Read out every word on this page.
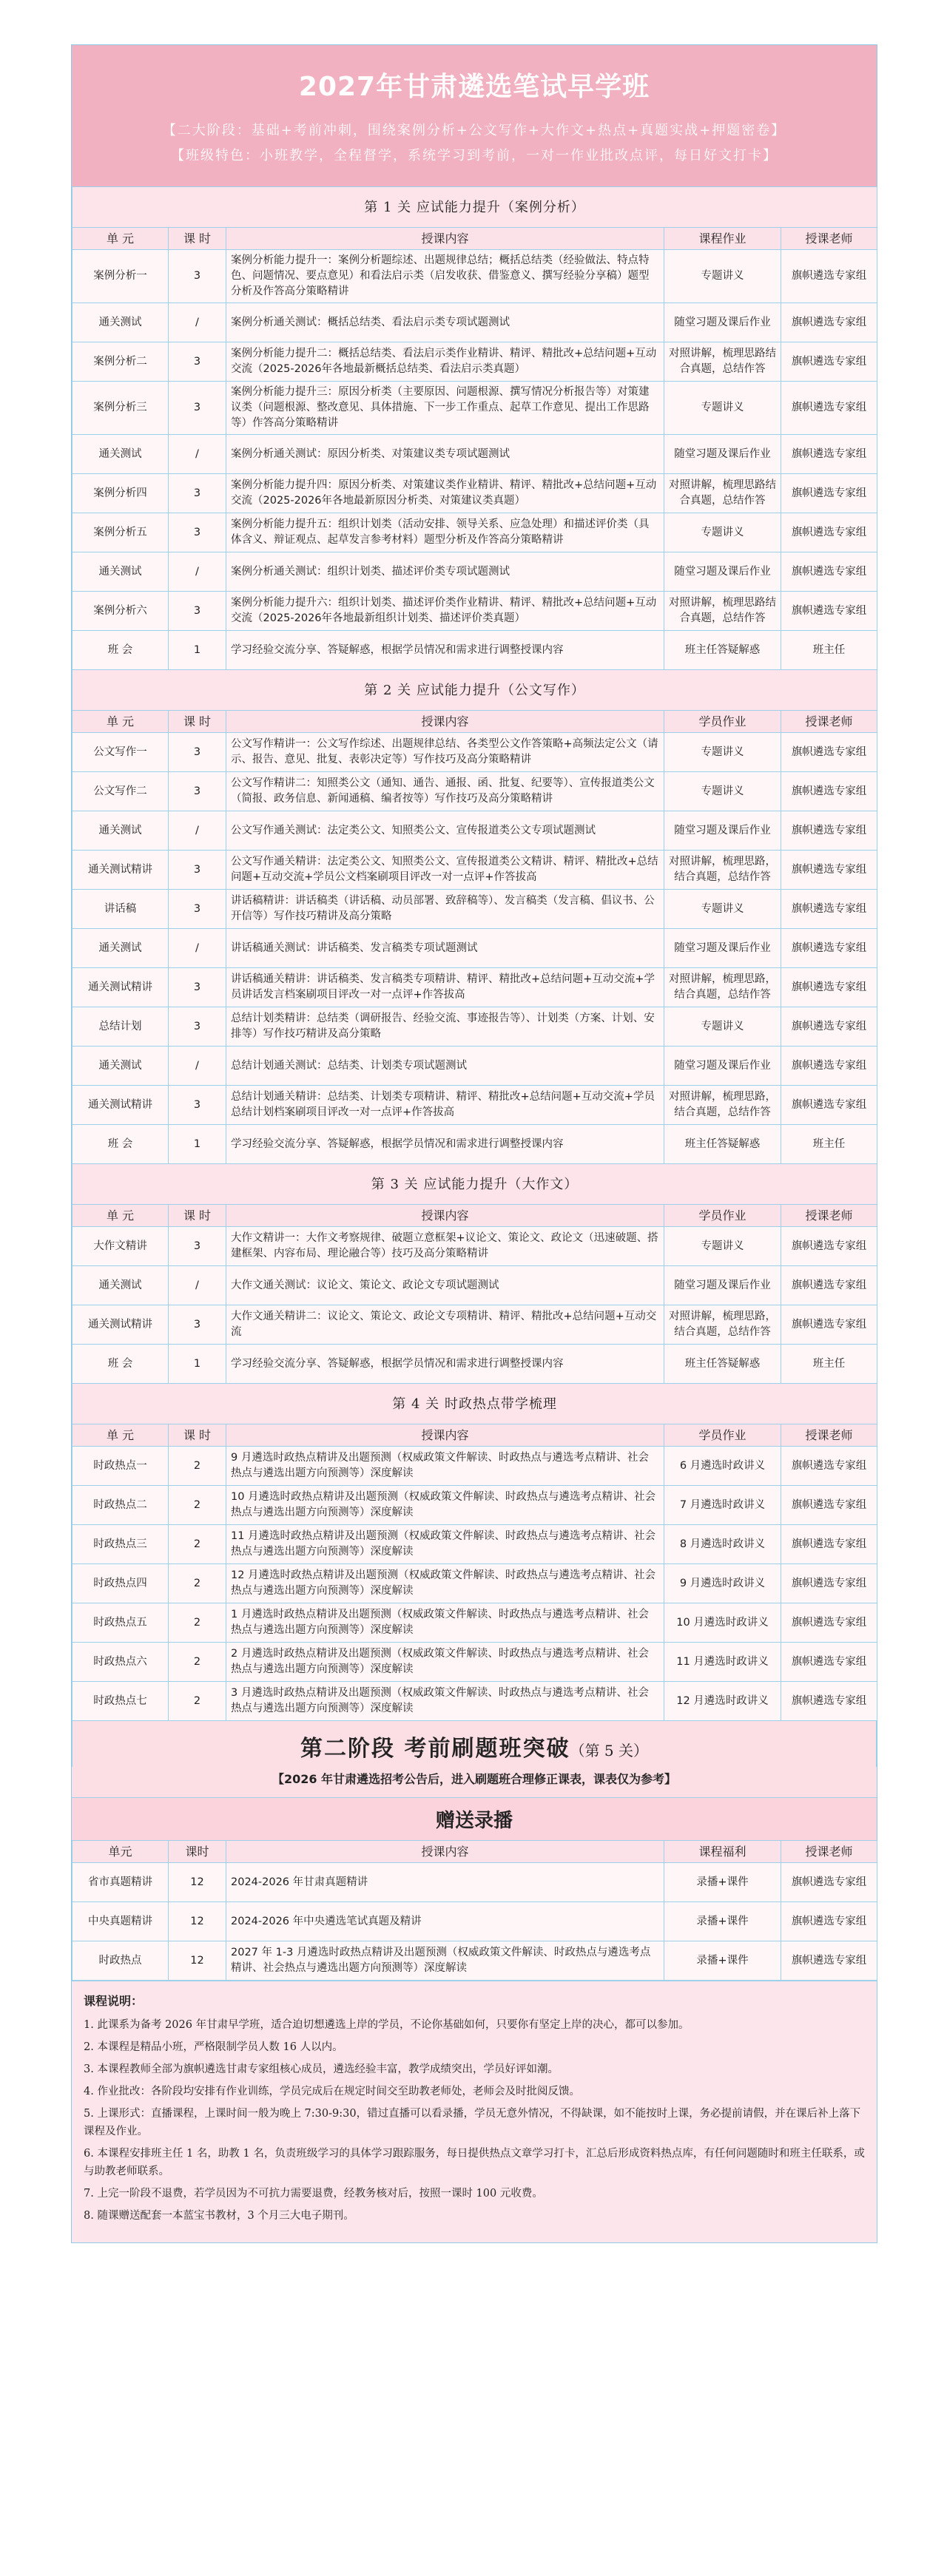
2027年甘肃遴选笔试早学班

【二大阶段：基础+考前冲刺，围绕案例分析+公文写作+大作文+热点+真题实战+押题密卷】

【班级特色：小班教学，全程督学，系统学习到考前，一对一作业批改点评，每日好文打卡】

第 1 关 应试能力提升（案例分析）				
单 元	课 时	授课内容	课程作业	授课老师
案例分析一	3	案例分析能力提升一：案例分析题综述、出题规律总结；概括总结类（经验做法、特点特色、问题情况、要点意见）和看法启示类（启发收获、借鉴意义、撰写经验分享稿）题型分析及作答高分策略精讲	专题讲义	旗帜遴选专家组
通关测试	/	案例分析通关测试：概括总结类、看法启示类专项试题测试	随堂习题及课后作业	旗帜遴选专家组
案例分析二	3	案例分析能力提升二：概括总结类、看法启示类作业精讲、精评、精批改+总结问题+互动交流（2025-2026年各地最新概括总结类、看法启示类真题）	对照讲解，梳理思路结合真题，总结作答	旗帜遴选专家组
案例分析三	3	案例分析能力提升三：原因分析类（主要原因、问题根源、撰写情况分析报告等）对策建议类（问题根源、整改意见、具体措施、下一步工作重点、起草工作意见、提出工作思路等）作答高分策略精讲	专题讲义	旗帜遴选专家组
通关测试	/	案例分析通关测试：原因分析类、对策建议类专项试题测试	随堂习题及课后作业	旗帜遴选专家组
案例分析四	3	案例分析能力提升四：原因分析类、对策建议类作业精讲、精评、精批改+总结问题+互动交流（2025-2026年各地最新原因分析类、对策建议类真题）	对照讲解，梳理思路结合真题，总结作答	旗帜遴选专家组
案例分析五	3	案例分析能力提升五：组织计划类（活动安排、领导关系、应急处理）和描述评价类（具体含义、辩证观点、起草发言参考材料）题型分析及作答高分策略精讲	专题讲义	旗帜遴选专家组
通关测试	/	案例分析通关测试：组织计划类、描述评价类专项试题测试	随堂习题及课后作业	旗帜遴选专家组
案例分析六	3	案例分析能力提升六：组织计划类、描述评价类作业精讲、精评、精批改+总结问题+互动交流（2025-2026年各地最新组织计划类、描述评价类真题）	对照讲解，梳理思路结合真题，总结作答	旗帜遴选专家组
班 会	1	学习经验交流分享、答疑解惑，根据学员情况和需求进行调整授课内容	班主任答疑解惑	班主任
第 2 关 应试能力提升（公文写作）				
单 元	课 时	授课内容	学员作业	授课老师
公文写作一	3	公文写作精讲一：公文写作综述、出题规律总结、各类型公文作答策略+高频法定公文（请示、报告、意见、批复、表彰决定等）写作技巧及高分策略精讲	专题讲义	旗帜遴选专家组
公文写作二	3	公文写作精讲二：知照类公文（通知、通告、通报、函、批复、纪要等）、宣传报道类公文（简报、政务信息、新闻通稿、编者按等）写作技巧及高分策略精讲	专题讲义	旗帜遴选专家组
通关测试	/	公文写作通关测试：法定类公文、知照类公文、宣传报道类公文专项试题测试	随堂习题及课后作业	旗帜遴选专家组
通关测试精讲	3	公文写作通关精讲：法定类公文、知照类公文、宣传报道类公文精讲、精评、精批改+总结问题+互动交流+学员公文档案刷项目评改一对一点评+作答拔高	对照讲解，梳理思路，结合真题，总结作答	旗帜遴选专家组
讲话稿	3	讲话稿精讲：讲话稿类（讲话稿、动员部署、致辞稿等）、发言稿类（发言稿、倡议书、公开信等）写作技巧精讲及高分策略	专题讲义	旗帜遴选专家组
通关测试	/	讲话稿通关测试：讲话稿类、发言稿类专项试题测试	随堂习题及课后作业	旗帜遴选专家组
通关测试精讲	3	讲话稿通关精讲：讲话稿类、发言稿类专项精讲、精评、精批改+总结问题+互动交流+学员讲话发言档案刷项目评改一对一点评+作答拔高	对照讲解，梳理思路，结合真题，总结作答	旗帜遴选专家组
总结计划	3	总结计划类精讲：总结类（调研报告、经验交流、事迹报告等）、计划类（方案、计划、安排等）写作技巧精讲及高分策略	专题讲义	旗帜遴选专家组
通关测试	/	总结计划通关测试：总结类、计划类专项试题测试	随堂习题及课后作业	旗帜遴选专家组
通关测试精讲	3	总结计划通关精讲：总结类、计划类专项精讲、精评、精批改+总结问题+互动交流+学员总结计划档案刷项目评改一对一点评+作答拔高	对照讲解，梳理思路，结合真题，总结作答	旗帜遴选专家组
班 会	1	学习经验交流分享、答疑解惑，根据学员情况和需求进行调整授课内容	班主任答疑解惑	班主任
第 3 关 应试能力提升（大作文）				
单 元	课 时	授课内容	学员作业	授课老师
大作文精讲	3	大作文精讲一：大作文考察规律、破题立意框架+议论文、策论文、政论文（迅速破题、搭建框架、内容布局、理论融合等）技巧及高分策略精讲	专题讲义	旗帜遴选专家组
通关测试	/	大作文通关测试：议论文、策论文、政论文专项试题测试	随堂习题及课后作业	旗帜遴选专家组
通关测试精讲	3	大作文通关精讲二：议论文、策论文、政论文专项精讲、精评、精批改+总结问题+互动交流	对照讲解，梳理思路，结合真题，总结作答	旗帜遴选专家组
班 会	1	学习经验交流分享、答疑解惑，根据学员情况和需求进行调整授课内容	班主任答疑解惑	班主任
第 4 关 时政热点带学梳理				
单 元	课 时	授课内容	学员作业	授课老师
时政热点一	2	9 月遴选时政热点精讲及出题预测（权威政策文件解读、时政热点与遴选考点精讲、社会热点与遴选出题方向预测等）深度解读	6 月遴选时政讲义	旗帜遴选专家组
时政热点二	2	10 月遴选时政热点精讲及出题预测（权威政策文件解读、时政热点与遴选考点精讲、社会热点与遴选出题方向预测等）深度解读	7 月遴选时政讲义	旗帜遴选专家组
时政热点三	2	11 月遴选时政热点精讲及出题预测（权威政策文件解读、时政热点与遴选考点精讲、社会热点与遴选出题方向预测等）深度解读	8 月遴选时政讲义	旗帜遴选专家组
时政热点四	2	12 月遴选时政热点精讲及出题预测（权威政策文件解读、时政热点与遴选考点精讲、社会热点与遴选出题方向预测等）深度解读	9 月遴选时政讲义	旗帜遴选专家组
时政热点五	2	1 月遴选时政热点精讲及出题预测（权威政策文件解读、时政热点与遴选考点精讲、社会热点与遴选出题方向预测等）深度解读	10 月遴选时政讲义	旗帜遴选专家组
时政热点六	2	2 月遴选时政热点精讲及出题预测（权威政策文件解读、时政热点与遴选考点精讲、社会热点与遴选出题方向预测等）深度解读	11 月遴选时政讲义	旗帜遴选专家组
时政热点七	2	3 月遴选时政热点精讲及出题预测（权威政策文件解读、时政热点与遴选考点精讲、社会热点与遴选出题方向预测等）深度解读	12 月遴选时政讲义	旗帜遴选专家组
第二阶段 考前刷题班突破（第 5 关）
【2026 年甘肃遴选招考公告后，进入刷题班合理修正课表，课表仅为参考】
赠送录播
单元	课时	授课内容	课程福利	授课老师
省市真题精讲	12	2024-2026 年甘肃真题精讲	录播+课件	旗帜遴选专家组
中央真题精讲	12	2024-2026 年中央遴选笔试真题及精讲	录播+课件	旗帜遴选专家组
时政热点	12	2027 年 1-3 月遴选时政热点精讲及出题预测（权威政策文件解读、时政热点与遴选考点精讲、社会热点与遴选出题方向预测等）深度解读	录播+课件	旗帜遴选专家组
课程说明：
1. 此课系为备考 2026 年甘肃早学班，适合迫切想遴选上岸的学员，不论你基础如何，只要你有坚定上岸的决心，都可以参加。
2. 本课程是精品小班，严格限制学员人数 16 人以内。
3. 本课程教师全部为旗帜遴选甘肃专家组核心成员，遴选经验丰富，教学成绩突出，学员好评如潮。
4. 作业批改：各阶段均安排有作业训练，学员完成后在规定时间交至助教老师处，老师会及时批阅反馈。
5. 上课形式：直播课程，上课时间一般为晚上 7:30-9:30，错过直播可以看录播，学员无意外情况，不得缺课，如不能按时上课，务必提前请假，并在课后补上落下课程及作业。
6. 本课程安排班主任 1 名，助教 1 名，负责班级学习的具体学习跟踪服务，每日提供热点文章学习打卡，汇总后形成资料热点库，有任何问题随时和班主任联系，或与助教老师联系。
7. 上完一阶段不退费，若学员因为不可抗力需要退费，经教务核对后，按照一课时 100 元收费。
8. 随课赠送配套一本蓝宝书教材，3 个月三大电子期刊。
